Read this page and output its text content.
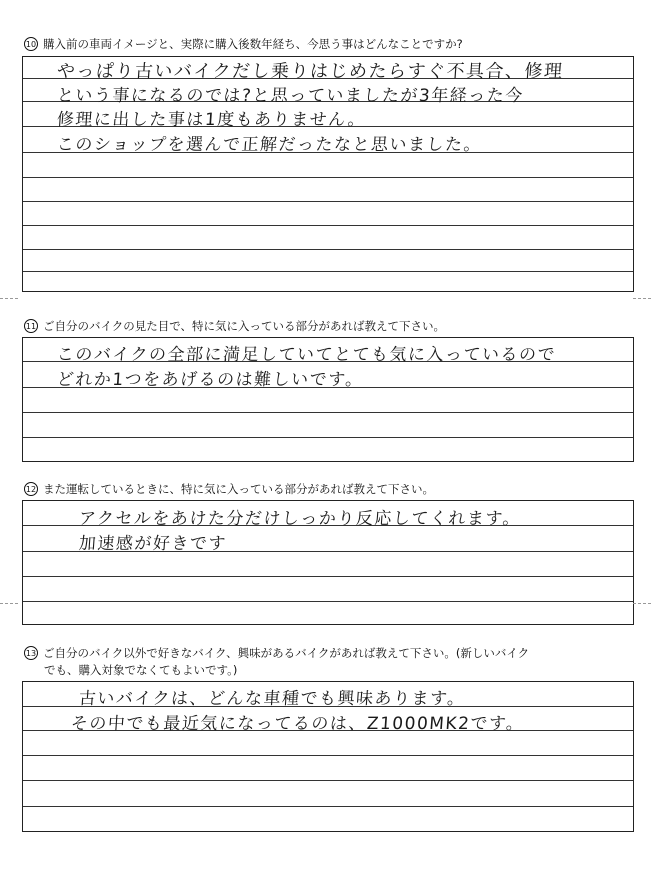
10 購入前の車両イメージと、実際に購入後数年経ち、今思う事はどんなことですか?
やっぱり古いバイクだし乗りはじめたらすぐ不具合、修理
という事になるのでは?と思っていましたが3年経った今
修理に出した事は1度もありません。
このショップを選んで正解だったなと思いました。
11 ご自分のバイクの見た目で、特に気に入っている部分があれば教えて下さい。
このバイクの全部に満足していてとても気に入っているので
どれか1つをあげるのは難しいです。
12 また運転しているときに、特に気に入っている部分があれば教えて下さい。
アクセルをあけた分だけしっかり反応してくれます。
加速感が好きです
13 ご自分のバイク以外で好きなバイク、興味があるバイクがあれば教えて下さい。(新しいバイク
でも、購入対象でなくてもよいです。)
古いバイクは、どんな車種でも興味あります。
その中でも最近気になってるのは、Z1000MK2です。
